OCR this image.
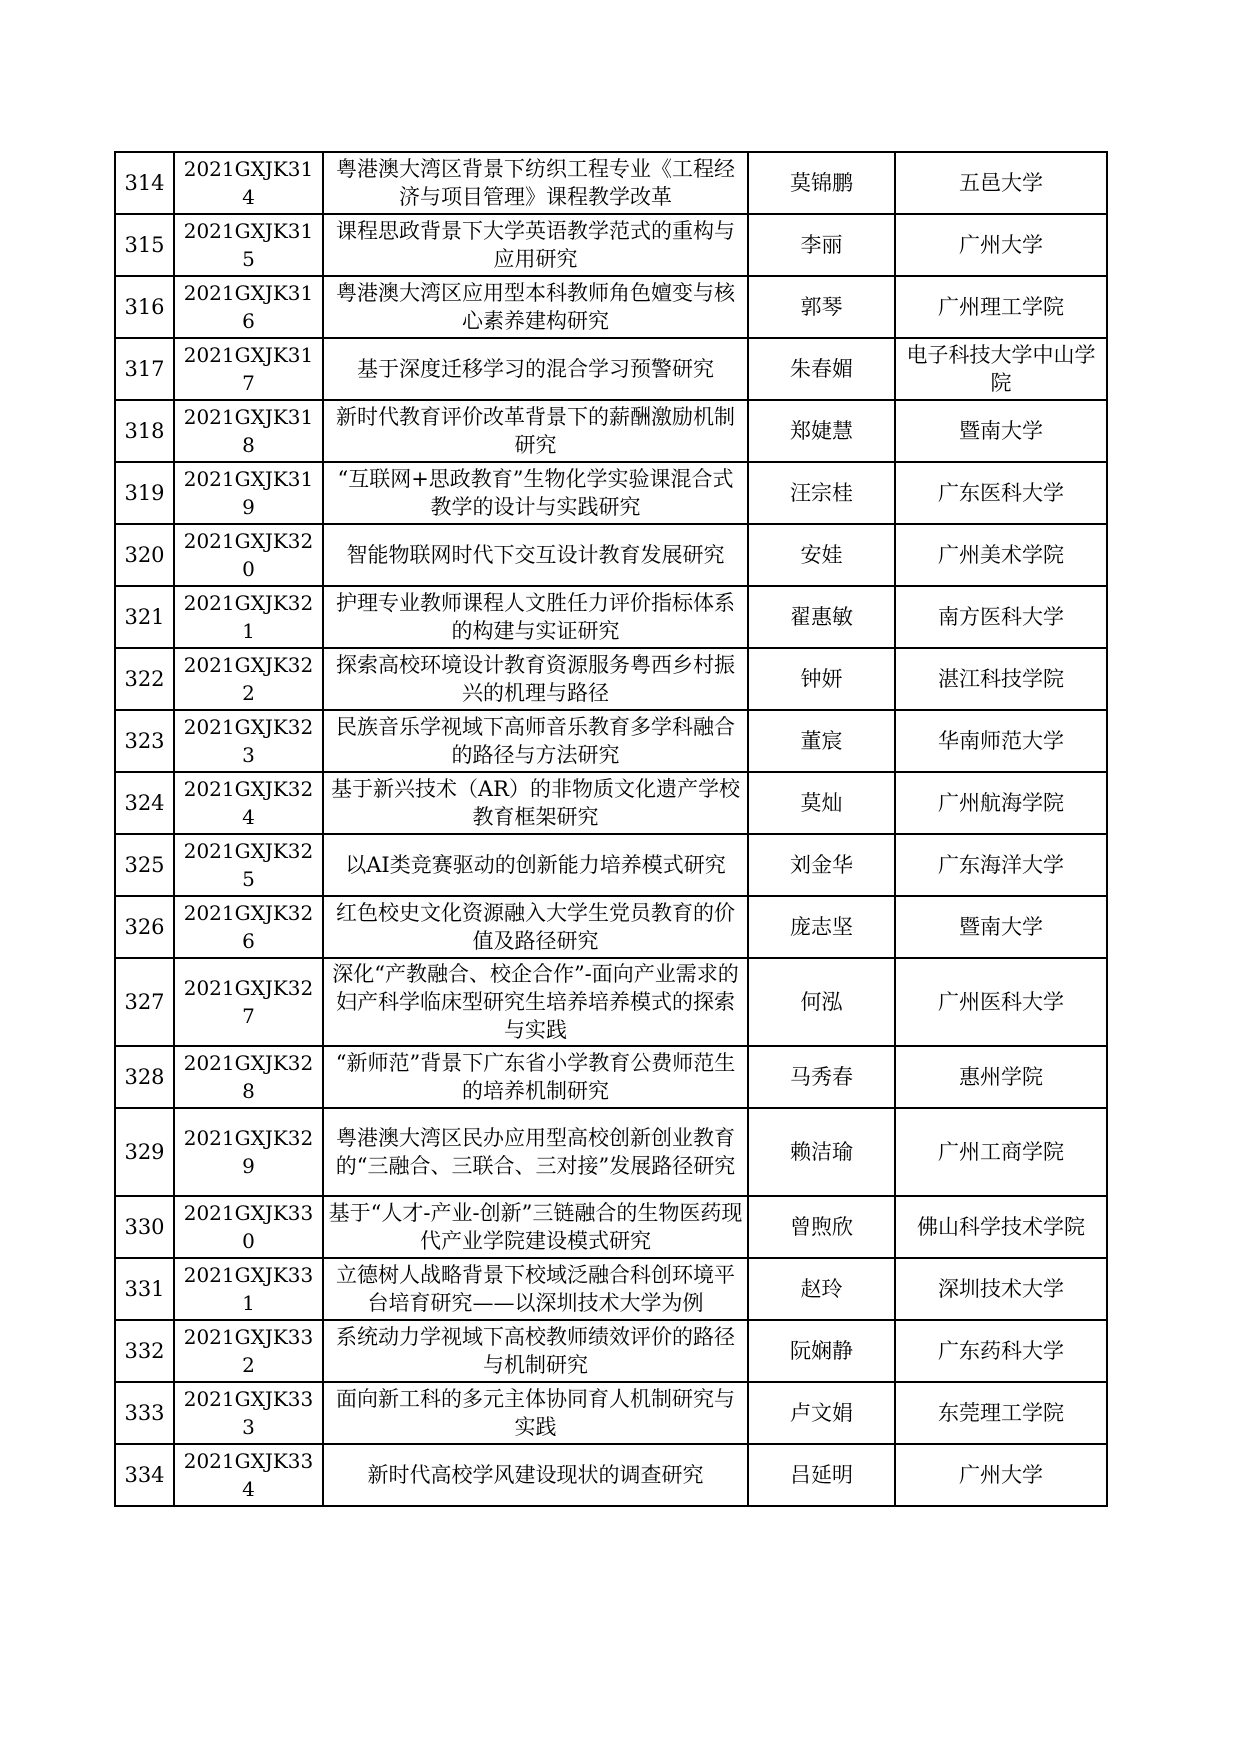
314	2021GXJK314	粤港澳大湾区背景下纺织工程专业《工程经济与项目管理》课程教学改革	莫锦鹏	五邑大学
315	2021GXJK315	课程思政背景下大学英语教学范式的重构与应用研究	李丽	广州大学
316	2021GXJK316	粤港澳大湾区应用型本科教师角色嬗变与核心素养建构研究	郭琴	广州理工学院
317	2021GXJK317	基于深度迁移学习的混合学习预警研究	朱春媚	电子科技大学中山学院
318	2021GXJK318	新时代教育评价改革背景下的薪酬激励机制研究	郑婕慧	暨南大学
319	2021GXJK319	“互联网+思政教育”生物化学实验课混合式教学的设计与实践研究	汪宗桂	广东医科大学
320	2021GXJK320	智能物联网时代下交互设计教育发展研究	安娃	广州美术学院
321	2021GXJK321	护理专业教师课程人文胜任力评价指标体系的构建与实证研究	翟惠敏	南方医科大学
322	2021GXJK322	探索高校环境设计教育资源服务粤西乡村振兴的机理与路径	钟妍	湛江科技学院
323	2021GXJK323	民族音乐学视域下高师音乐教育多学科融合的路径与方法研究	董宸	华南师范大学
324	2021GXJK324	基于新兴技术（AR）的非物质文化遗产学校教育框架研究	莫灿	广州航海学院
325	2021GXJK325	以AI类竞赛驱动的创新能力培养模式研究	刘金华	广东海洋大学
326	2021GXJK326	红色校史文化资源融入大学生党员教育的价值及路径研究	庞志坚	暨南大学
327	2021GXJK327	深化“产教融合、校企合作”-面向产业需求的妇产科学临床型研究生培养培养模式的探索与实践	何泓	广州医科大学
328	2021GXJK328	“新师范”背景下广东省小学教育公费师范生的培养机制研究	马秀春	惠州学院
329	2021GXJK329	粤港澳大湾区民办应用型高校创新创业教育的“三融合、三联合、三对接”发展路径研究	赖洁瑜	广州工商学院
330	2021GXJK330	基于“人才-产业-创新”三链融合的生物医药现代产业学院建设模式研究	曾煦欣	佛山科学技术学院
331	2021GXJK331	立德树人战略背景下校域泛融合科创环境平台培育研究——以深圳技术大学为例	赵玲	深圳技术大学
332	2021GXJK332	系统动力学视域下高校教师绩效评价的路径与机制研究	阮娴静	广东药科大学
333	2021GXJK333	面向新工科的多元主体协同育人机制研究与实践	卢文娟	东莞理工学院
334	2021GXJK334	新时代高校学风建设现状的调查研究	吕延明	广州大学
